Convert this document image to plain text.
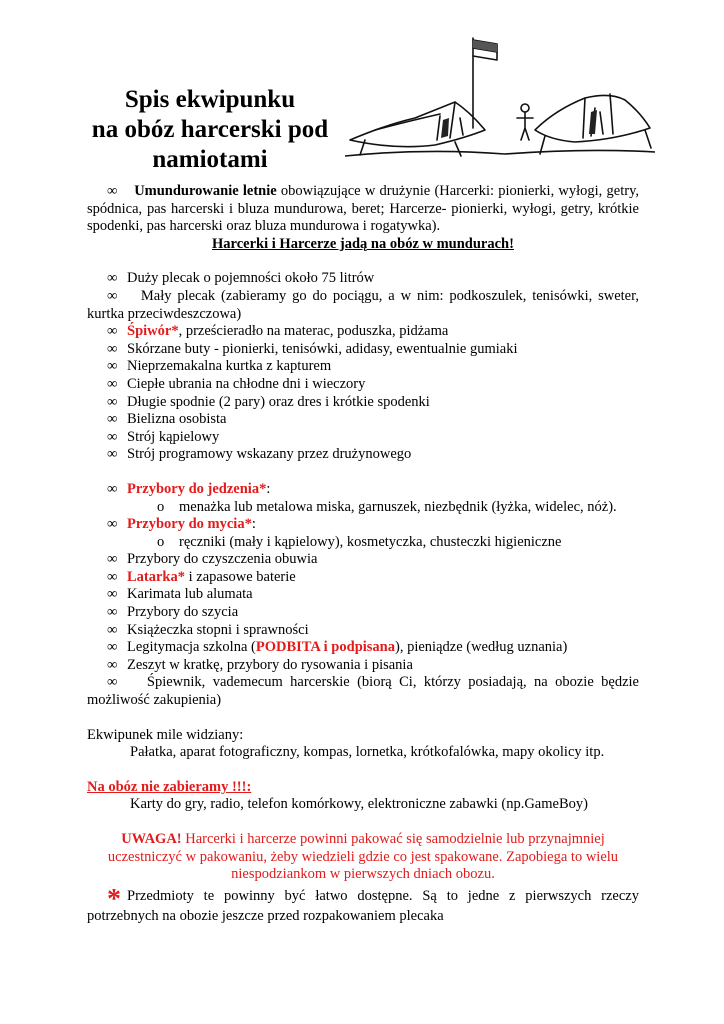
Spis ekwipunku
na obóz harcerski pod
namiotami
∞ Umundurowanie letnie obowiązujące w drużynie (Harcerki: pionierki, wyłogi, getry, spódnica, pas harcerski i bluza mundurowa, beret; Harcerze- pionierki, wyłogi, getry, krótkie spodenki, pas harcerski oraz bluza mundurowa i rogatywka).
Harcerki i Harcerze jadą na obóz w mundurach!
∞ Duży plecak o pojemności około 75 litrów
∞ Mały plecak (zabieramy go do pociągu, a w nim: podkoszulek, tenisówki, sweter, kurtka przeciwdeszczowa)
∞ Śpiwór*, prześcieradło na materac, poduszka, pidżama
∞ Skórzane buty - pionierki, tenisówki, adidasy, ewentualnie gumiaki
∞ Nieprzemakalna kurtka z kapturem
∞ Ciepłe ubrania na chłodne dni i wieczory
∞ Długie spodnie (2 pary) oraz dres i krótkie spodenki
∞ Bielizna osobista
∞ Strój kąpielowy
∞ Strój programowy wskazany przez drużynowego
∞ Przybory do jedzenia*:
o	menażka lub metalowa miska, garnuszek, niezbędnik (łyżka, widelec, nóż).
∞ Przybory do mycia*:
o	ręczniki (mały i kąpielowy), kosmetyczka, chusteczki higieniczne
∞ Przybory do czyszczenia obuwia
∞ Latarka* i zapasowe baterie
∞ Karimata lub alumata
∞ Przybory do szycia
∞ Książeczka stopni i sprawności
∞ Legitymacja szkolna (PODBITA i podpisana), pieniądze (według uznania)
∞ Zeszyt w kratkę, przybory do rysowania i pisania
∞ Śpiewnik, vademecum harcerskie (biorą Ci, którzy posiadają, na obozie będzie możliwość zakupienia)
Ekwipunek mile widziany:
Pałatka, aparat fotograficzny, kompas, lornetka, krótkofalówka, mapy okolicy itp.
Na obóz nie zabieramy !!!:
Karty do gry, radio, telefon komórkowy, elektroniczne zabawki (np.GameBoy)
UWAGA! Harcerki i harcerze powinni pakować się samodzielnie lub przynajmniej uczestniczyć w pakowaniu, żeby wiedzieli gdzie co jest spakowane. Zapobiega to wielu niespodziankom w pierwszych dniach obozu.
* Przedmioty te powinny być łatwo dostępne. Są to jedne z pierwszych rzeczy potrzebnych na obozie jeszcze przed rozpakowaniem plecaka
